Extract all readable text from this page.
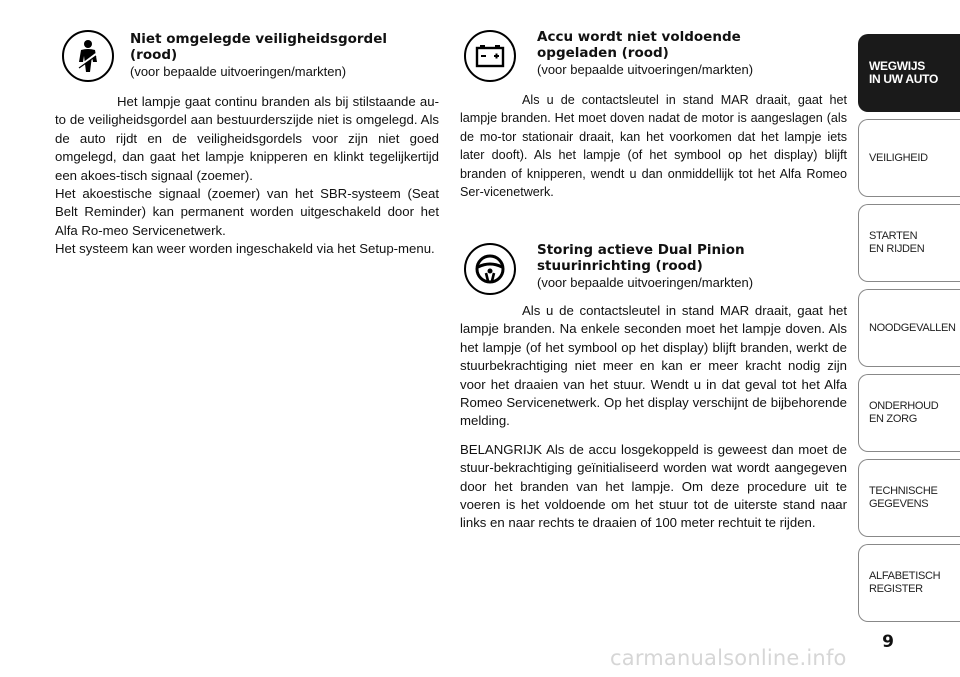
Niet omgelegde veiligheidsgordel
(rood)
(voor bepaalde uitvoeringen/markten)

Het lampje gaat continu branden als bij stilstaande au-to de veiligheidsgordel aan bestuurderszijde niet is omgelegd. Als de auto rijdt en de veiligheidsgordels voor zijn niet goed omgelegd, dan gaat het lampje knipperen en klinkt tegelijkertijd een akoes-tisch signaal (zoemer).

Het akoestische signaal (zoemer) van het SBR-systeem (Seat Belt Reminder) kan permanent worden uitgeschakeld door het Alfa Ro-meo Servicenetwerk.

Het systeem kan weer worden ingeschakeld via het Setup-menu.

Accu wordt niet voldoende
opgeladen (rood)
(voor bepaalde uitvoeringen/markten)

Als u de contactsleutel in stand MAR draait, gaat het lampje branden. Het moet doven nadat de motor is aangeslagen (als de mo-tor stationair draait, kan het voorkomen dat het lampje iets later dooft). Als het lampje (of het symbool op het display) blijft branden of knipperen, wendt u dan onmiddellijk tot het Alfa Romeo Ser-vicenetwerk.

Storing actieve Dual Pinion
stuurinrichting (rood)
(voor bepaalde uitvoeringen/markten)

Als u de contactsleutel in stand MAR draait, gaat het lampje branden. Na enkele seconden moet het lampje doven. Als het lampje (of het symbool op het display) blijft branden, werkt de stuurbekrachtiging niet meer en kan er meer kracht nodig zijn voor het draaien van het stuur. Wendt u in dat geval tot het Alfa Romeo Servicenetwerk. Op het display verschijnt de bijbehorende melding.

BELANGRIJK Als de accu losgekoppeld is geweest dan moet de stuur-bekrachtiging geïnitialiseerd worden wat wordt aangegeven door het branden van het lampje. Om deze procedure uit te voeren is het voldoende om het stuur tot de uiterste stand naar links en naar rechts te draaien of 100 meter rechtuit te rijden.

WEGWIJS
IN UW AUTO
VEILIGHEID
STARTEN
EN RIJDEN
NOODGEVALLEN
ONDERHOUD
EN ZORG
TECHNISCHE
GEGEVENS
ALFABETISCH
REGISTER
9
carmanualsonline.info
